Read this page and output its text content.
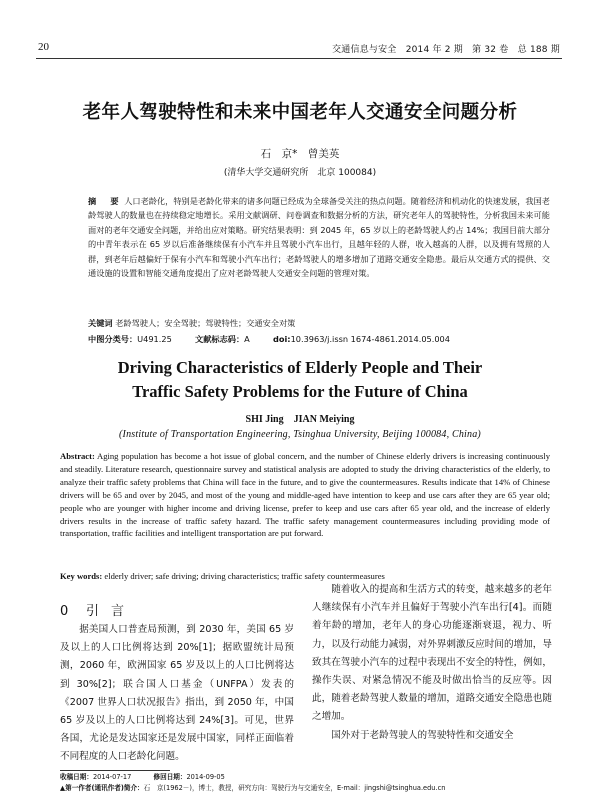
20	交通信息与安全　2014 年 2 期　第 32 卷　总 188 期
老年人驾驶特性和未来中国老年人交通安全问题分析
石　京*　曾美英
(清华大学交通研究所　北京 100084)
摘　要 人口老龄化，特别是老龄化带来的诸多问题已经成为全球备受关注的热点问题。随着经济和机动化的快速发展，我国老龄驾驶人的数量也在持续稳定地增长。采用文献调研、问卷调查和数据分析的方法，研究老年人的驾驶特性，分析我国未来可能面对的老年交通安全问题，并给出应对策略。研究结果表明：到 2045 年，65 岁以上的老龄驾驶人约占 14%；我国目前大部分的中青年表示在 65 岁以后准备继续保有小汽车并且驾驶小汽车出行，且越年轻的人群，收入越高的人群，以及拥有驾照的人群，到老年后越偏好于保有小汽车和驾驶小汽车出行；老龄驾驶人的增多增加了道路交通安全隐患。最后从交通方式的提供、交通设施的设置和智能交通角度提出了应对老龄驾驶人交通安全问题的管理对策。
关键词 老龄驾驶人；安全驾驶；驾驶特性；交通安全对策
中图分类号：U491.25	文献标志码：A	doi:10.3963/j.issn 1674-4861.2014.05.004
Driving Characteristics of Elderly People and Their
Traffic Safety Problems for the Future of China
SHI Jing　JIAN Meiying
(Institute of Transportation Engineering, Tsinghua University, Beijing 100084, China)
Abstract: Aging population has become a hot issue of global concern, and the number of Chinese elderly drivers is increasing continuously and steadily. Literature research, questionnaire survey and statistical analysis are adopted to study the driving characteristics of the elderly, to analyze their traffic safety problems that China will face in the future, and to give the countermeasures. Results indicate that 14% of Chinese drivers will be 65 and over by 2045, and most of the young and middle-aged have intention to keep and use cars after they are 65 year old; people who are younger with higher income and driving license, prefer to keep and use cars after 65 year old, and the increase of elderly drivers results in the increase of traffic safety hazard. The traffic safety management countermeasures including providing mode of transportation, traffic facilities and intelligent transportation are put forward.
Key words: elderly driver; safe driving; driving characteristics; traffic safety countermeasures
0 引言

据美国人口普查局预测，到 2030 年，美国 65 岁及以上的人口比例将达到 20%[1]；据欧盟统计局预测，2060 年，欧洲国家 65 岁及以上的人口比例将达到 30%[2]；联合国人口基金（UNFPA）发表的《2007 世界人口状况报告》指出，到 2050 年，中国 65 岁及以上的人口比例将达到 24%[3]。可见，世界各国，尤论是发达国家还是发展中国家，同样正面临着不同程度的人口老龄化问题。

随着收入的提高和生活方式的转变，越来越多的老年人继续保有小汽车并且偏好于驾驶小汽车出行[4]。而随着年龄的增加，老年人的身心功能逐渐衰退，视力、听力，以及行动能力减弱，对外界刺激反应时间的增加，导致其在驾驶小汽车的过程中表现出不安全的特性，例如，操作失误、对紧急情况不能及时做出恰当的反应等。因此，随着老龄驾驶人数量的增加，道路交通安全隐患也随之增加。

国外对于老龄驾驶人的驾驶特性和交通安全

收稿日期：2014-07-17	修回日期：2014-09-05
▲第一作者(通讯作者)简介：石　京(1962－)，博士，教授，研究方向：驾驶行为与交通安全，E-mail：jingshi@tsinghua.edu.cn
